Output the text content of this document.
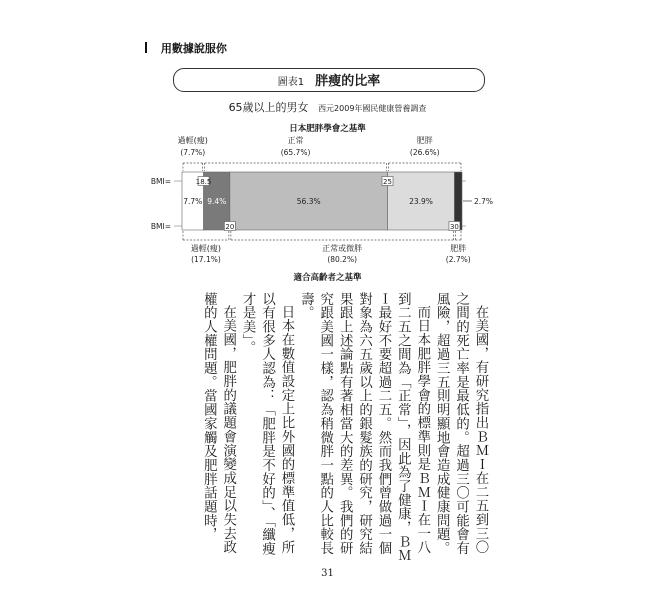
用數據說服你
圖表1 胖瘦的比率
65歲以上的男女 西元2009年國民健康營養調查
日本肥胖學會之基準
適合高齡者之基準
BMI=
BMI=
7.7% 9.4%	56.3%	23.9%	2.7%
18.5	25
20	30
過輕(瘦)
(7.7%)
正常
(65.7%)
肥胖
(26.6%)
過輕(瘦)
(17.1%)
正常或微胖
(80.2%)
肥胖
(2.7%)

在美國，有研究指出ＢＭＩ在二五到三〇之間的死亡率是最低的。超過三〇可能會有風險，超過三五則明顯地會造成健康問題。

而日本肥胖學會的標準則是ＢＭＩ在一八到二五之間為「正常」，因此為了健康，ＢＭＩ最好不要超過二五。然而我們曾做過一個對象為六五歲以上的銀髮族的研究，研究結果跟上述論點有著相當大的差異。我們的研究跟美國一樣，認為稍微胖一點的人比較長壽。

日本在數值設定上比外國的標準值低，所以有很多人認為：「肥胖是不好的」、「纖瘦才是美」。

在美國，肥胖的議題會演變成足以失去政權的人權問題。當國家觸及肥胖話題時，

31
